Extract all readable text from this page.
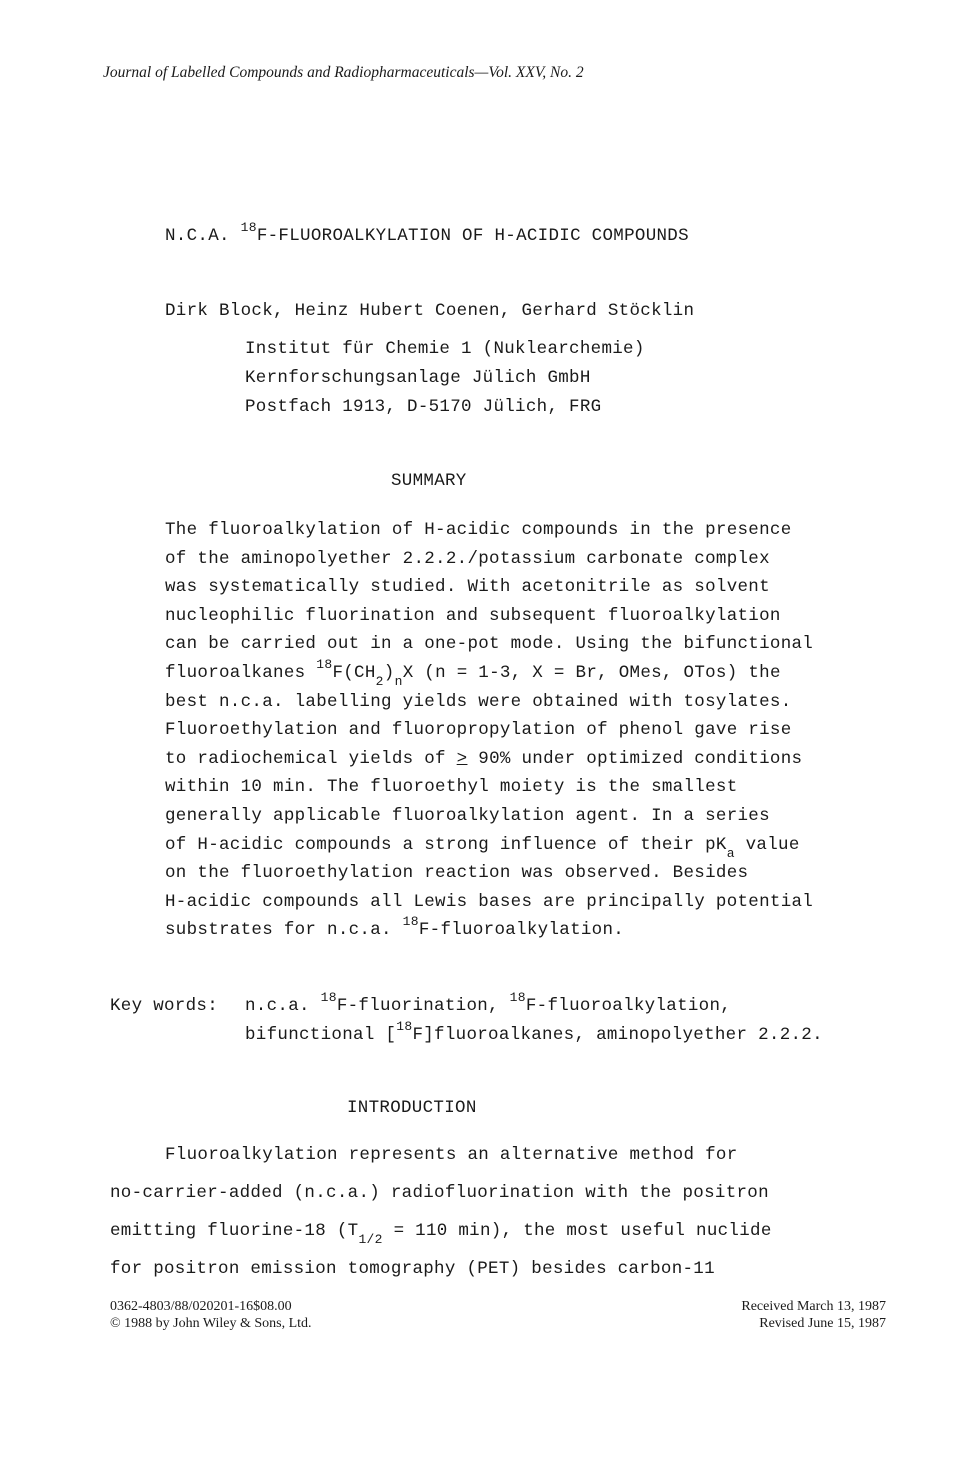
Journal of Labelled Compounds and Radiopharmaceuticals—Vol. XXV, No. 2
N.C.A. $^{18}$F-FLUOROALKYLATION OF H-ACIDIC COMPOUNDS
Dirk Block, Heinz Hubert Coenen, Gerhard Stöcklin
Institut für Chemie 1 (Nuklearchemie)
Kernforschungsanlage Jülich GmbH
Postfach 1913, D-5170 Jülich, FRG
SUMMARY
The fluoroalkylation of H-acidic compounds in the presence
of the aminopolyether 2.2.2./potassium carbonate complex
was systematically studied. With acetonitrile as solvent
nucleophilic fluorination and subsequent fluoroalkylation
can be carried out in a one-pot mode. Using the bifunctional
fluoroalkanes $^{18}F(CH_2)_nX$ (n = 1-3, X = Br, OMes, OTos) the
best n.c.a. labelling yields were obtained with tosylates.
Fluoroethylation and fluoropropylation of phenol gave rise
to radiochemical yields of ≥ 90% under optimized conditions
within 10 min. The fluoroethyl moiety is the smallest
generally applicable fluoroalkylation agent. In a series
of H-acidic compounds a strong influence of their $pK_a$ value
on the fluoroethylation reaction was observed. Besides
H-acidic compounds all Lewis bases are principally potential
substrates for n.c.a. $^{18}$F-fluoroalkylation.
Key words: n.c.a. $^{18}$F-fluorination, $^{18}$F-fluoroalkylation,
bifunctional [$^{18}$F]fluoroalkanes, aminopolyether 2.2.2.
INTRODUCTION
Fluoroalkylation represents an alternative method for
no-carrier-added (n.c.a.) radiofluorination with the positron
emitting fluorine-18 ($T_{1/2} = 110$ min), the most useful nuclide
for positron emission tomography (PET) besides carbon-11
0362-4803/88/020201-16$08.00
© 1988 by John Wiley & Sons, Ltd.
Received March 13, 1987
Revised June 15, 1987
